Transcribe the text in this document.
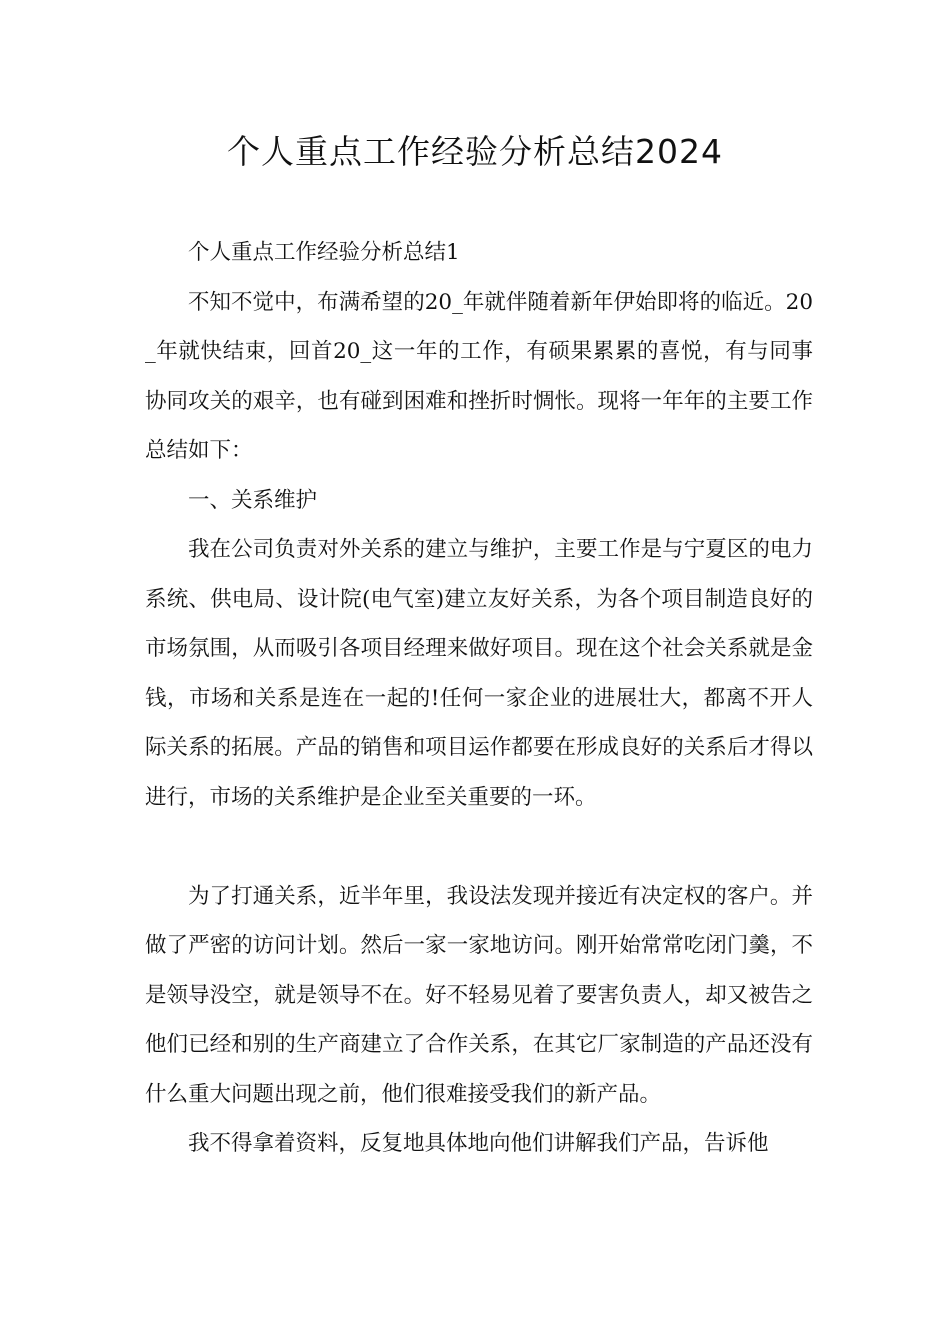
个人重点工作经验分析总结2024

个人重点工作经验分析总结1

不知不觉中，布满希望的20_年就伴随着新年伊始即将的临近。20_年就快结束，回首20_这一年的工作，有硕果累累的喜悦，有与同事协同攻关的艰辛，也有碰到困难和挫折时惆怅。现将一年年的主要工作总结如下：

一、关系维护

我在公司负责对外关系的建立与维护，主要工作是与宁夏区的电力系统、供电局、设计院(电气室)建立友好关系，为各个项目制造良好的市场氛围，从而吸引各项目经理来做好项目。现在这个社会关系就是金钱，市场和关系是连在一起的!任何一家企业的进展壮大，都离不开人际关系的拓展。产品的销售和项目运作都要在形成良好的关系后才得以进行，市场的关系维护是企业至关重要的一环。

为了打通关系，近半年里，我设法发现并接近有决定权的客户。并做了严密的访问计划。然后一家一家地访问。刚开始常常吃闭门羹，不是领导没空，就是领导不在。好不轻易见着了要害负责人，却又被告之他们已经和别的生产商建立了合作关系，在其它厂家制造的产品还没有什么重大问题出现之前，他们很难接受我们的新产品。

我不得拿着资料，反复地具体地向他们讲解我们产品，告诉他
